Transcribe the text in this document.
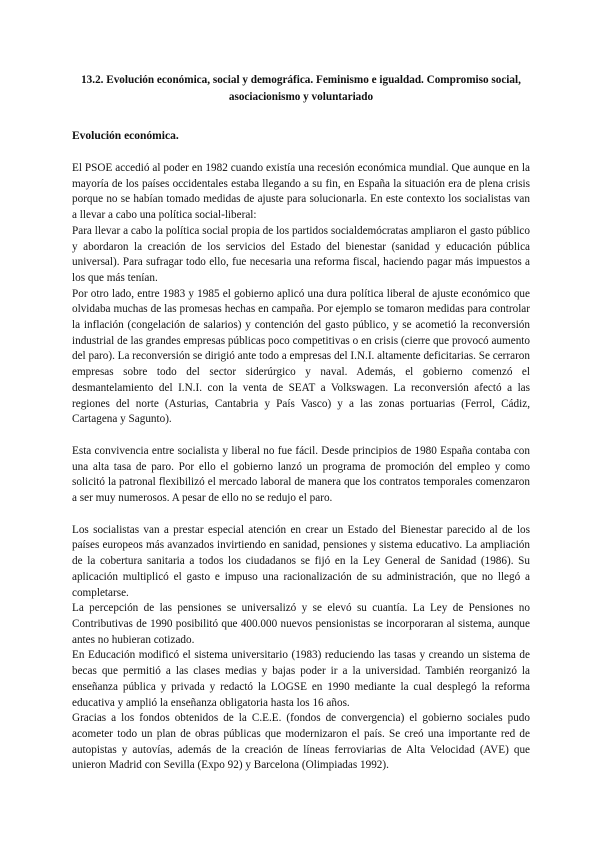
13.2. Evolución económica, social y demográfica. Feminismo e igualdad. Compromiso social, asociacionismo y voluntariado
Evolución económica.

El PSOE accedió al poder en 1982 cuando existía una recesión económica mundial. Que aunque en la mayoría de los países occidentales estaba llegando a su fin, en España la situación era de plena crisis porque no se habían tomado medidas de ajuste para solucionarla. En este contexto los socialistas van a llevar a cabo una política social-liberal:

Para llevar a cabo la política social propia de los partidos socialdemócratas ampliaron el gasto público y abordaron la creación de los servicios del Estado del bienestar (sanidad y educación pública universal). Para sufragar todo ello, fue necesaria una reforma fiscal, haciendo pagar más impuestos a los que más tenían.

Por otro lado, entre 1983 y 1985 el gobierno aplicó una dura política liberal de ajuste económico que olvidaba muchas de las promesas hechas en campaña. Por ejemplo se tomaron medidas para controlar la inflación (congelación de salarios) y contención del gasto público, y se acometió la reconversión industrial de las grandes empresas públicas poco competitivas o en crisis (cierre que provocó aumento del paro). La reconversión se dirigió ante todo a empresas del I.N.I. altamente deficitarias. Se cerraron empresas sobre todo del sector siderúrgico y naval. Además, el gobierno comenzó el desmantelamiento del I.N.I. con la venta de SEAT a Volkswagen. La reconversión afectó a las regiones del norte (Asturias, Cantabria y País Vasco) y a las zonas portuarias (Ferrol, Cádiz, Cartagena y Sagunto).

Esta convivencia entre socialista y liberal no fue fácil. Desde principios de 1980 España contaba con una alta tasa de paro. Por ello el gobierno lanzó un programa de promoción del empleo y como solicitó la patronal flexibilizó el mercado laboral de manera que los contratos temporales comenzaron a ser muy numerosos. A pesar de ello no se redujo el paro.

Los socialistas van a prestar especial atención en crear un Estado del Bienestar parecido al de los países europeos más avanzados invirtiendo en sanidad, pensiones y sistema educativo. La ampliación de la cobertura sanitaria a todos los ciudadanos se fijó en la Ley General de Sanidad (1986). Su aplicación multiplicó el gasto e impuso una racionalización de su administración, que no llegó a completarse.

La percepción de las pensiones se universalizó y se elevó su cuantía. La Ley de Pensiones no Contributivas de 1990 posibilitó que 400.000 nuevos pensionistas se incorporaran al sistema, aunque antes no hubieran cotizado.

En Educación modificó el sistema universitario (1983) reduciendo las tasas y creando un sistema de becas que permitió a las clases medias y bajas poder ir a la universidad. También reorganizó la enseñanza pública y privada y redactó la LOGSE en 1990 mediante la cual desplegó la reforma educativa y amplió la enseñanza obligatoria hasta los 16 años.

Gracias a los fondos obtenidos de la C.E.E. (fondos de convergencia) el gobierno sociales pudo acometer todo un plan de obras públicas que modernizaron el país. Se creó una importante red de autopistas y autovías, además de la creación de líneas ferroviarias de Alta Velocidad (AVE) que unieron Madrid con Sevilla (Expo 92) y Barcelona (Olimpiadas 1992).
